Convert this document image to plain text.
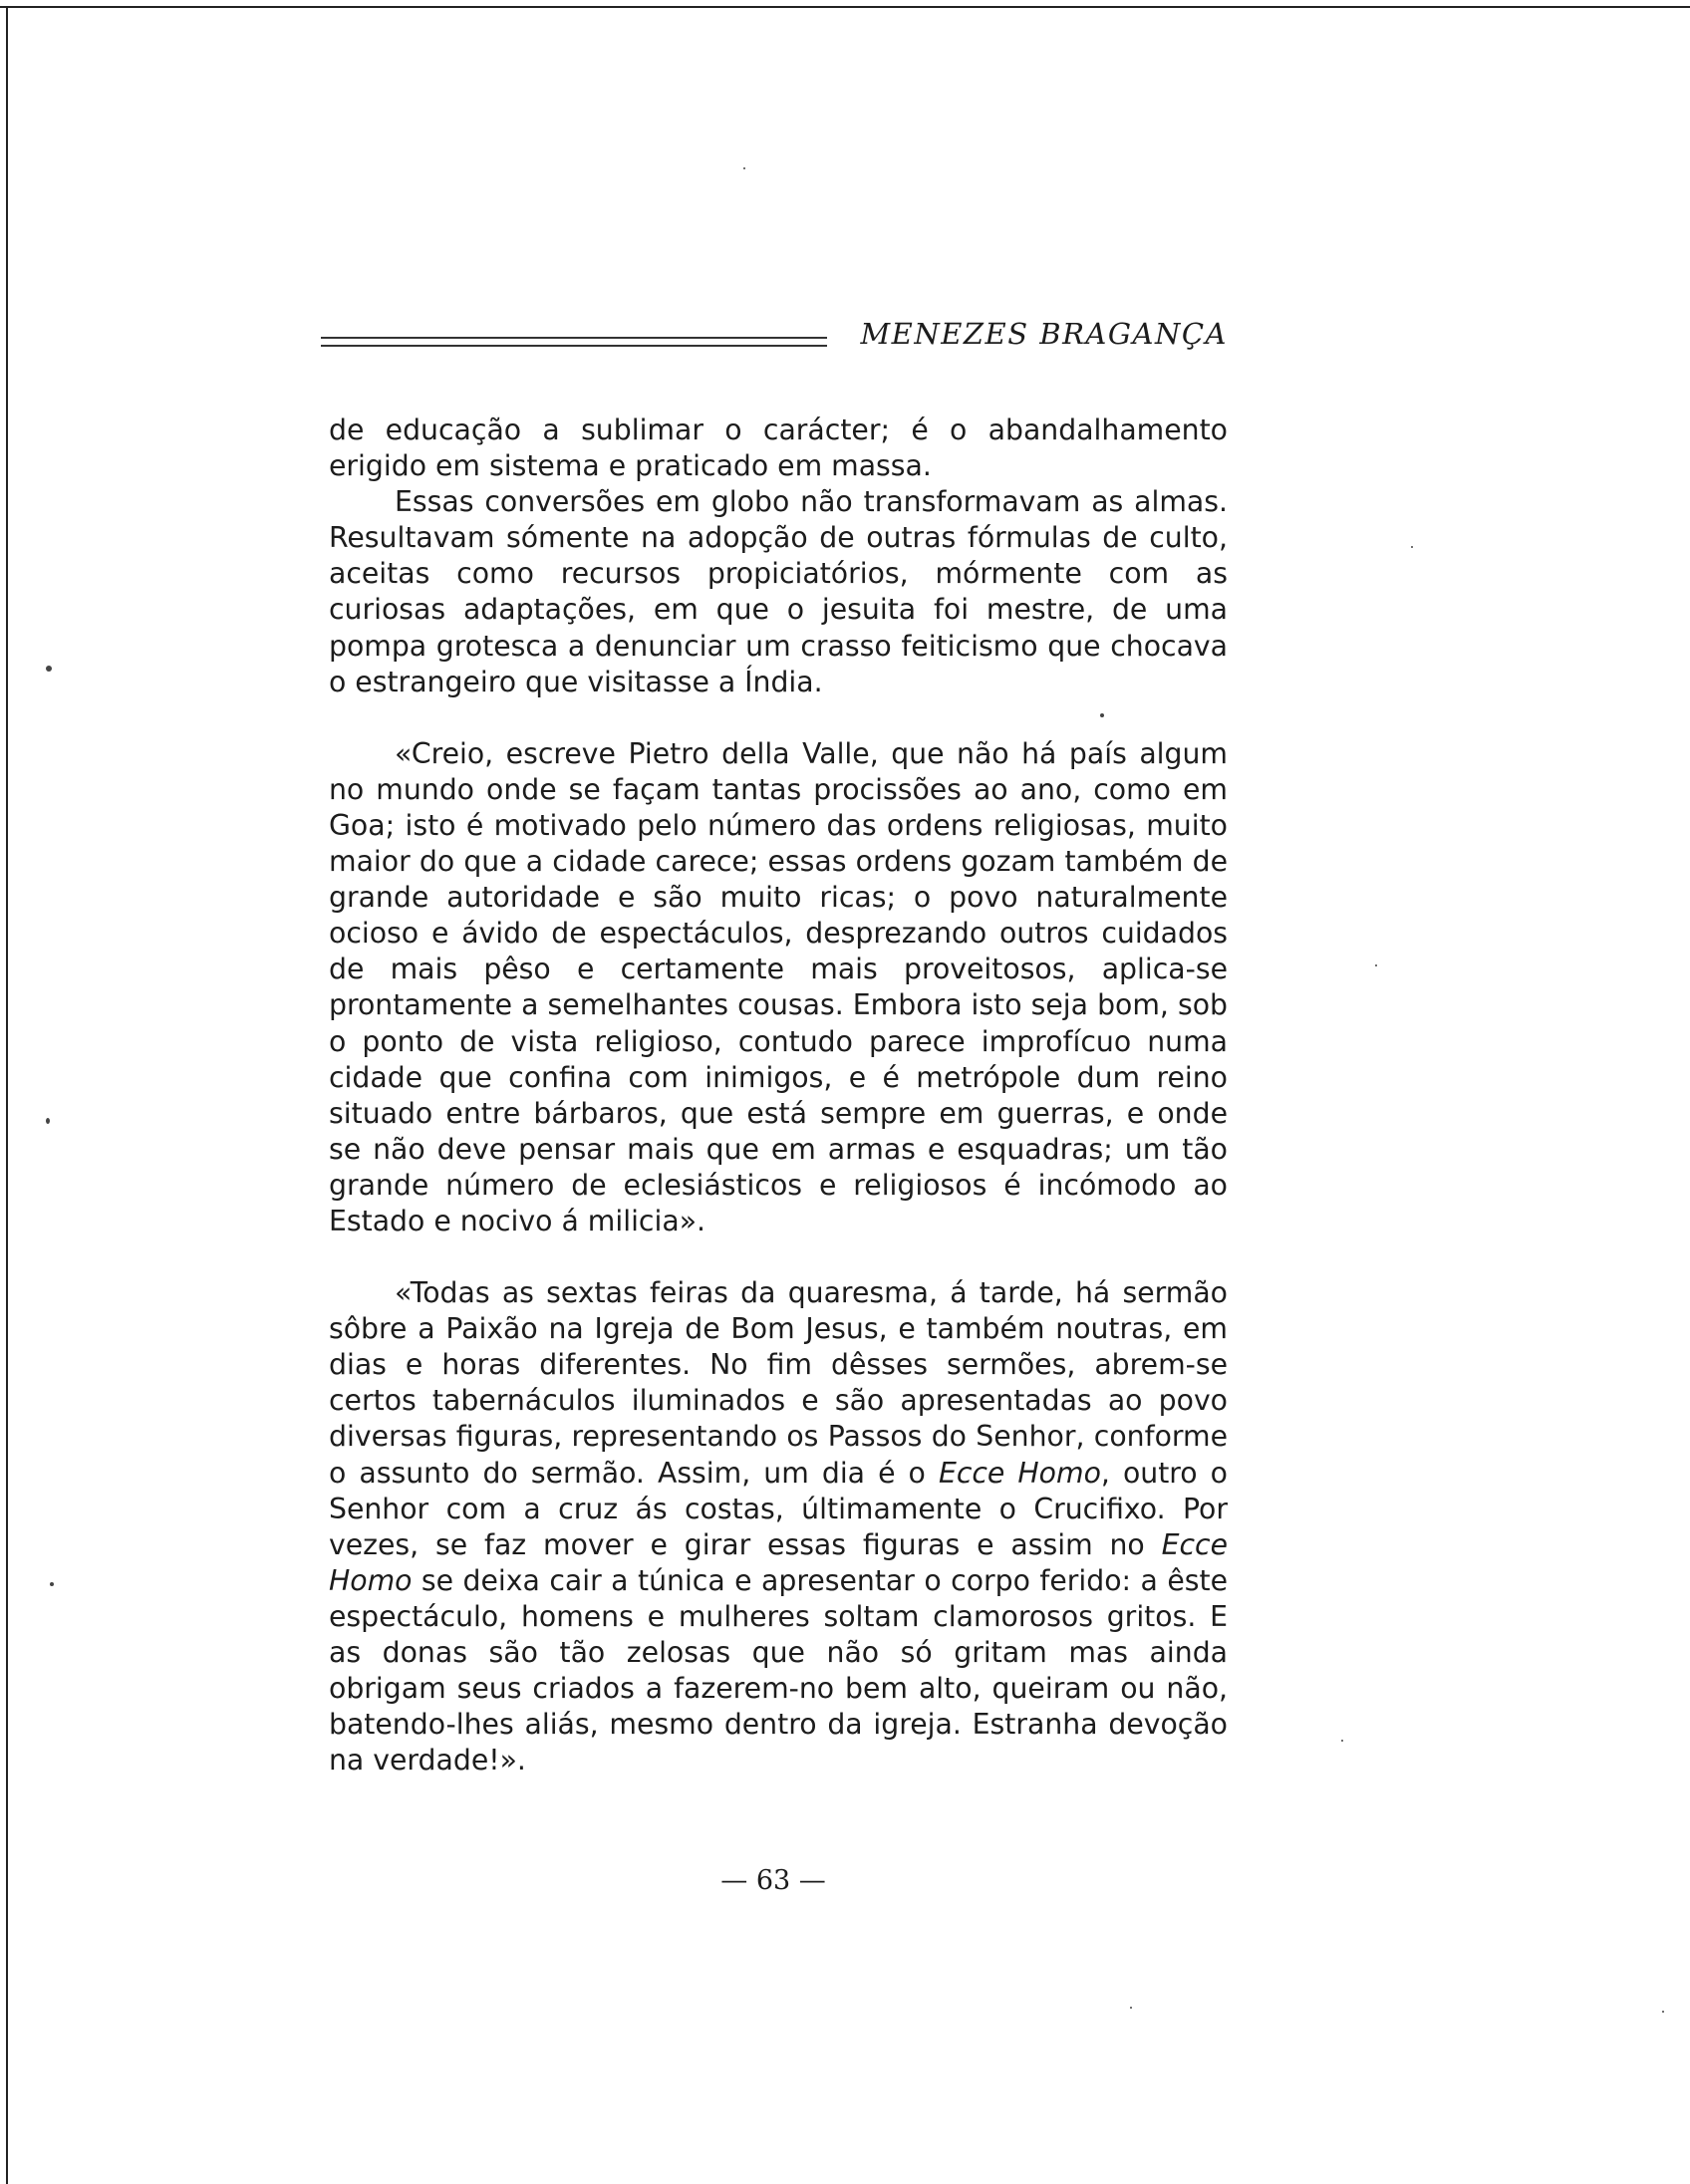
MENEZES BRAGANÇA

de educação a sublimar o carácter; é o abandalhamento erigido em sistema e praticado em massa.

Essas conversões em globo não transformavam as almas. Resultavam sómente na adopção de outras fórmulas de culto, aceitas como recursos propiciatórios, mórmente com as curiosas adaptações, em que o jesuita foi mestre, de uma pompa grotesca a denunciar um crasso feiticismo que chocava o estrangeiro que visitasse a Índia.

«Creio, escreve Pietro della Valle, que não há país algum no mundo onde se façam tantas procissões ao ano, como em Goa; isto é motivado pelo número das ordens religiosas, muito maior do que a cidade carece; essas ordens gozam também de grande autoridade e são muito ricas; o povo naturalmente ocioso e ávido de espectáculos, desprezando outros cuidados de mais pêso e certamente mais proveitosos, aplica-se prontamente a semelhantes cousas. Embora isto seja bom, sob o ponto de vista religioso, contudo parece improfícuo numa cidade que confina com inimigos, e é metrópole dum reino situado entre bárbaros, que está sempre em guerras, e onde se não deve pensar mais que em armas e esquadras; um tão grande número de eclesiásticos e religiosos é incómodo ao Estado e nocivo á milicia».

«Todas as sextas feiras da quaresma, á tarde, há sermão sôbre a Paixão na Igreja de Bom Jesus, e também noutras, em dias e horas diferentes. No fim dêsses sermões, abrem-se certos tabernáculos iluminados e são apresentadas ao povo diversas figuras, representando os Passos do Senhor, conforme o assunto do sermão. Assim, um dia é o Ecce Homo, outro o Senhor com a cruz ás costas, últimamente o Crucifixo. Por vezes, se faz mover e girar essas figuras e assim no Ecce Homo se deixa cair a túnica e apresentar o corpo ferido: a êste espectáculo, homens e mulheres soltam clamorosos gritos. E as donas são tão zelosas que não só gritam mas ainda obrigam seus criados a fazerem-no bem alto, queiram ou não, batendo-lhes aliás, mesmo dentro da igreja. Estranha devoção na verdade!».

— 63 —
